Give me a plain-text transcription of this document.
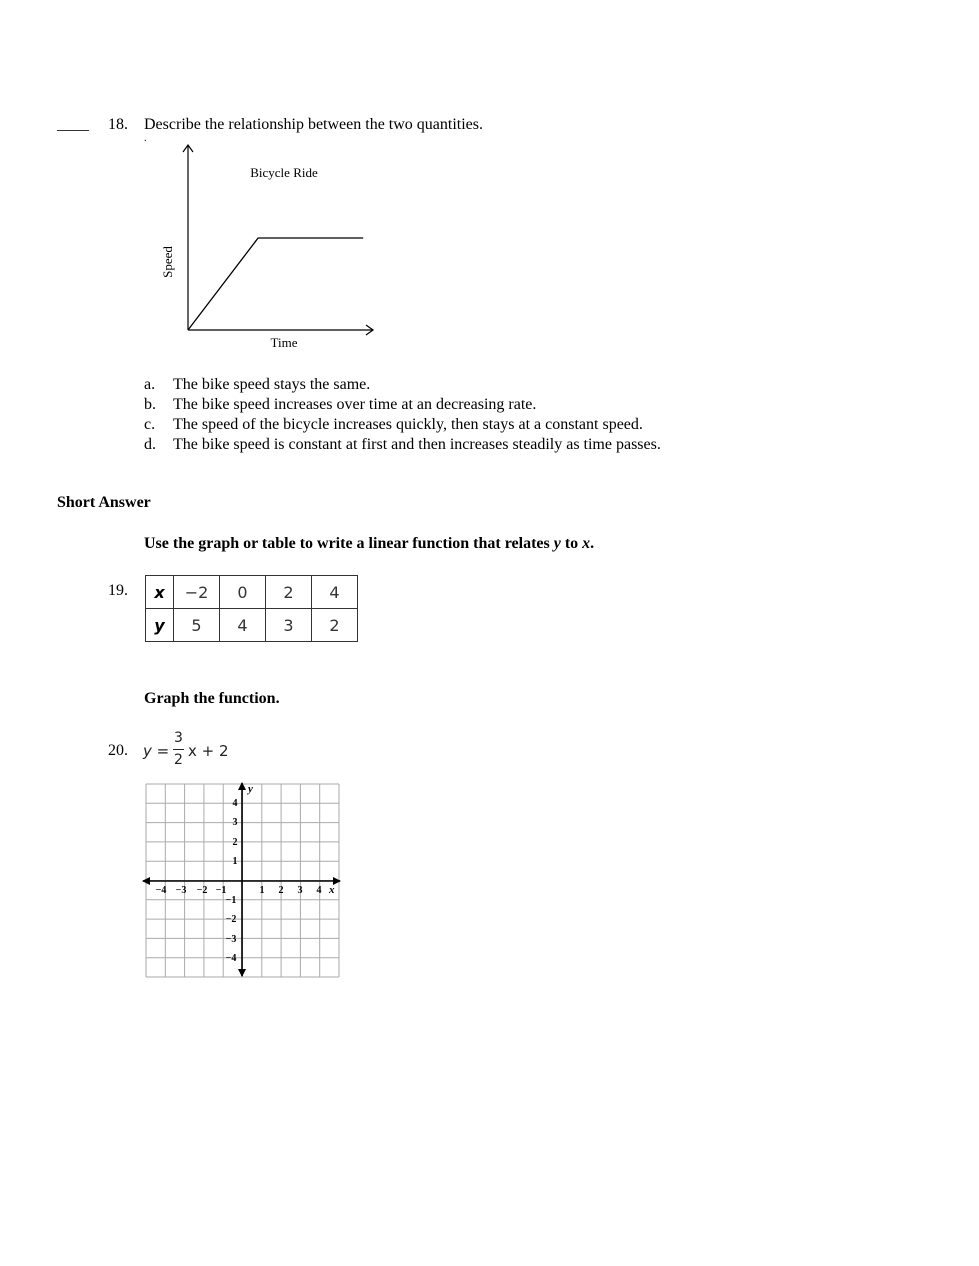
____ 18. Describe the relationship between the two quantities.
.
Bicycle Ride
Time
Speed
a. The bike speed stays the same.
b. The bike speed increases over time at an decreasing rate.
c. The speed of the bicycle increases quickly, then stays at a constant speed.
d. The bike speed is constant at first and then increases steadily as time passes.
Short Answer
Use the graph or table to write a linear function that relates y to x.
19. x	−2	0	2	4
y	5	4	3	2
Graph the function.
20. y =
3
2 x + 2
y
x
−4 −3 −2 −1	1 2 3 4
4
3
2
1
−1
−2
−3
−4
